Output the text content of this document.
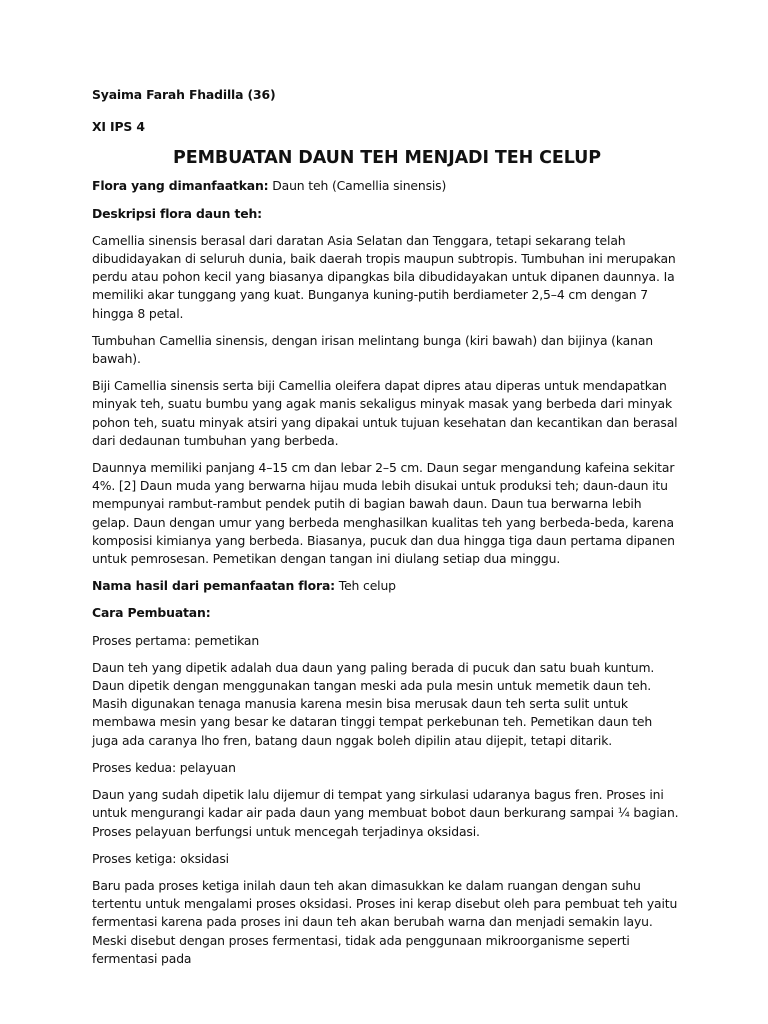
Syaima Farah Fhadilla (36)

XI IPS 4

PEMBUATAN DAUN TEH MENJADI TEH CELUP

Flora yang dimanfaatkan: Daun teh (Camellia sinensis)

Deskripsi flora daun teh:

Camellia sinensis berasal dari daratan Asia Selatan dan Tenggara, tetapi sekarang telah dibudidayakan di seluruh dunia, baik daerah tropis maupun subtropis. Tumbuhan ini merupakan perdu atau pohon kecil yang biasanya dipangkas bila dibudidayakan untuk dipanen daunnya. Ia memiliki akar tunggang yang kuat. Bunganya kuning-putih berdiameter 2,5–4 cm dengan 7 hingga 8 petal.

Tumbuhan Camellia sinensis, dengan irisan melintang bunga (kiri bawah) dan bijinya (kanan bawah).

Biji Camellia sinensis serta biji Camellia oleifera dapat dipres atau diperas untuk mendapatkan minyak teh, suatu bumbu yang agak manis sekaligus minyak masak yang berbeda dari minyak pohon teh, suatu minyak atsiri yang dipakai untuk tujuan kesehatan dan kecantikan dan berasal dari dedaunan tumbuhan yang berbeda.

Daunnya memiliki panjang 4–15 cm dan lebar 2–5 cm. Daun segar mengandung kafeina sekitar 4%. [2] Daun muda yang berwarna hijau muda lebih disukai untuk produksi teh; daun-daun itu mempunyai rambut-rambut pendek putih di bagian bawah daun. Daun tua berwarna lebih gelap. Daun dengan umur yang berbeda menghasilkan kualitas teh yang berbeda-beda, karena komposisi kimianya yang berbeda. Biasanya, pucuk dan dua hingga tiga daun pertama dipanen untuk pemrosesan. Pemetikan dengan tangan ini diulang setiap dua minggu.

Nama hasil dari pemanfaatan flora: Teh celup

Cara Pembuatan:

Proses pertama: pemetikan

Daun teh yang dipetik adalah dua daun yang paling berada di pucuk dan satu buah kuntum. Daun dipetik dengan menggunakan tangan meski ada pula mesin untuk memetik daun teh. Masih digunakan tenaga manusia karena mesin bisa merusak daun teh serta sulit untuk membawa mesin yang besar ke dataran tinggi tempat perkebunan teh. Pemetikan daun teh juga ada caranya lho fren, batang daun nggak boleh dipilin atau dijepit, tetapi ditarik.

Proses kedua: pelayuan

Daun yang sudah dipetik lalu dijemur di tempat yang sirkulasi udaranya bagus fren. Proses ini untuk mengurangi kadar air pada daun yang membuat bobot daun berkurang sampai ¼ bagian. Proses pelayuan berfungsi untuk mencegah terjadinya oksidasi.

Proses ketiga: oksidasi

Baru pada proses ketiga inilah daun teh akan dimasukkan ke dalam ruangan dengan suhu tertentu untuk mengalami proses oksidasi. Proses ini kerap disebut oleh para pembuat teh yaitu fermentasi karena pada proses ini daun teh akan berubah warna dan menjadi semakin layu. Meski disebut dengan proses fermentasi, tidak ada penggunaan mikroorganisme seperti fermentasi pada
